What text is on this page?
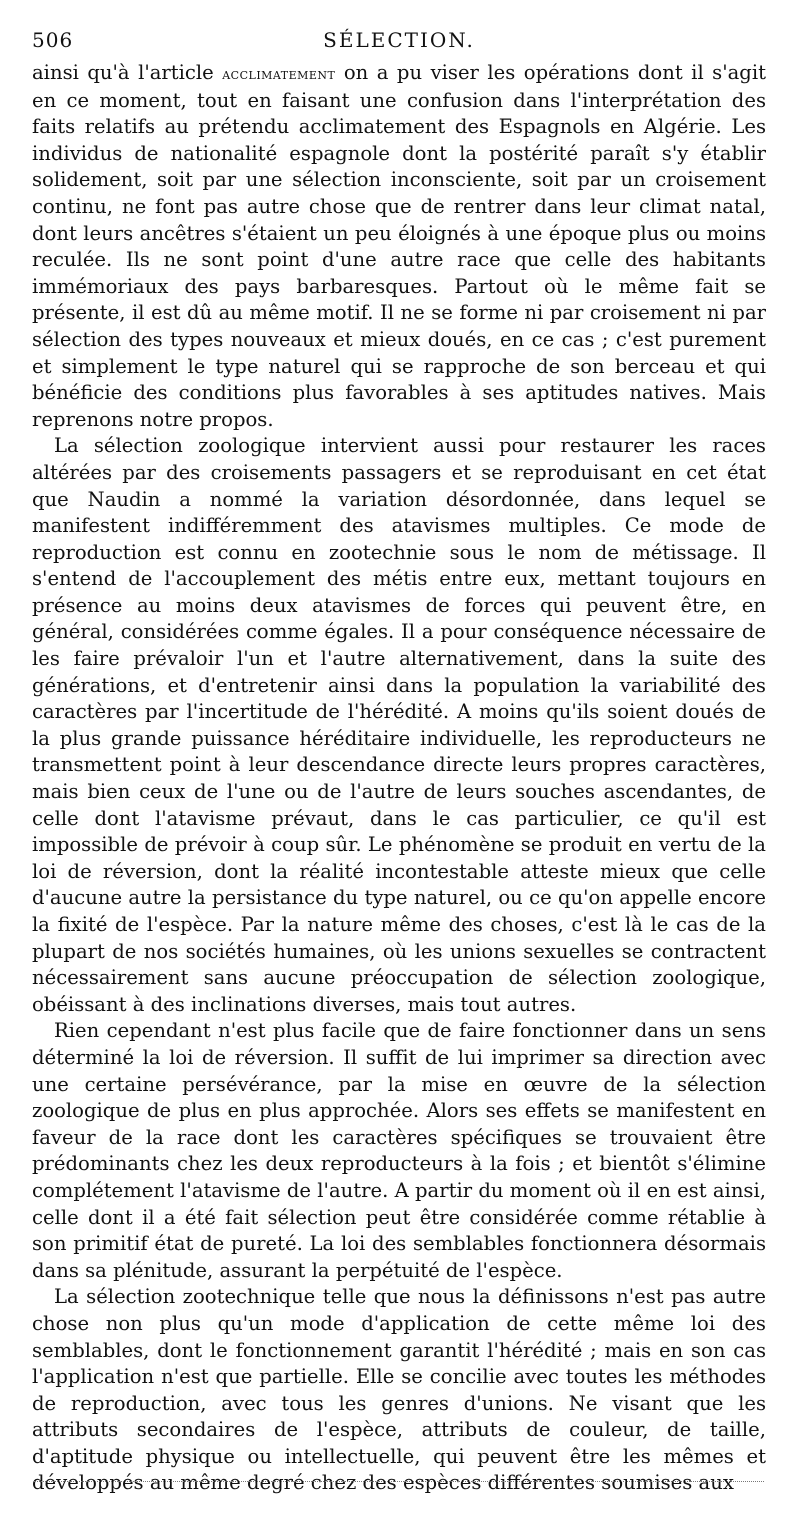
506	SÉLECTION.

ainsi qu'à l'article acclimatement on a pu viser les opérations dont il s'agit en ce moment, tout en faisant une confusion dans l'interprétation des faits relatifs au prétendu acclimatement des Espagnols en Algérie. Les individus de nationalité espagnole dont la postérité paraît s'y établir solidement, soit par une sélection inconsciente, soit par un croisement continu, ne font pas autre chose que de rentrer dans leur climat natal, dont leurs ancêtres s'étaient un peu éloignés à une époque plus ou moins reculée. Ils ne sont point d'une autre race que celle des habitants immémoriaux des pays barbaresques. Partout où le même fait se présente, il est dû au même motif. Il ne se forme ni par croisement ni par sélection des types nouveaux et mieux doués, en ce cas ; c'est purement et simplement le type naturel qui se rapproche de son berceau et qui bénéficie des conditions plus favorables à ses aptitudes natives. Mais reprenons notre propos.

La sélection zoologique intervient aussi pour restaurer les races altérées par des croisements passagers et se reproduisant en cet état que Naudin a nommé la variation désordonnée, dans lequel se manifestent indifféremment des atavismes multiples. Ce mode de reproduction est connu en zootechnie sous le nom de métissage. Il s'entend de l'accouplement des métis entre eux, mettant toujours en présence au moins deux atavismes de forces qui peuvent être, en général, considérées comme égales. Il a pour conséquence nécessaire de les faire prévaloir l'un et l'autre alternativement, dans la suite des générations, et d'entretenir ainsi dans la population la variabilité des caractères par l'incertitude de l'hérédité. A moins qu'ils soient doués de la plus grande puissance héréditaire individuelle, les reproducteurs ne transmettent point à leur descendance directe leurs propres caractères, mais bien ceux de l'une ou de l'autre de leurs souches ascendantes, de celle dont l'atavisme prévaut, dans le cas particulier, ce qu'il est impossible de prévoir à coup sûr. Le phénomène se produit en vertu de la loi de réversion, dont la réalité incontestable atteste mieux que celle d'aucune autre la persistance du type naturel, ou ce qu'on appelle encore la fixité de l'espèce. Par la nature même des choses, c'est là le cas de la plupart de nos sociétés humaines, où les unions sexuelles se contractent nécessairement sans aucune préoccupation de sélection zoologique, obéissant à des inclinations diverses, mais tout autres.

Rien cependant n'est plus facile que de faire fonctionner dans un sens déterminé la loi de réversion. Il suffit de lui imprimer sa direction avec une certaine persévérance, par la mise en œuvre de la sélection zoologique de plus en plus approchée. Alors ses effets se manifestent en faveur de la race dont les caractères spécifiques se trouvaient être prédominants chez les deux reproducteurs à la fois ; et bientôt s'élimine complétement l'atavisme de l'autre. A partir du moment où il en est ainsi, celle dont il a été fait sélection peut être considérée comme rétablie à son primitif état de pureté. La loi des semblables fonctionnera désormais dans sa plénitude, assurant la perpétuité de l'espèce.

La sélection zootechnique telle que nous la définissons n'est pas autre chose non plus qu'un mode d'application de cette même loi des semblables, dont le fonctionnement garantit l'hérédité ; mais en son cas l'application n'est que partielle. Elle se concilie avec toutes les méthodes de reproduction, avec tous les genres d'unions. Ne visant que les attributs secondaires de l'espèce, attributs de couleur, de taille, d'aptitude physique ou intellectuelle, qui peuvent être les mêmes et développés au même degré chez des espèces différentes soumises aux
